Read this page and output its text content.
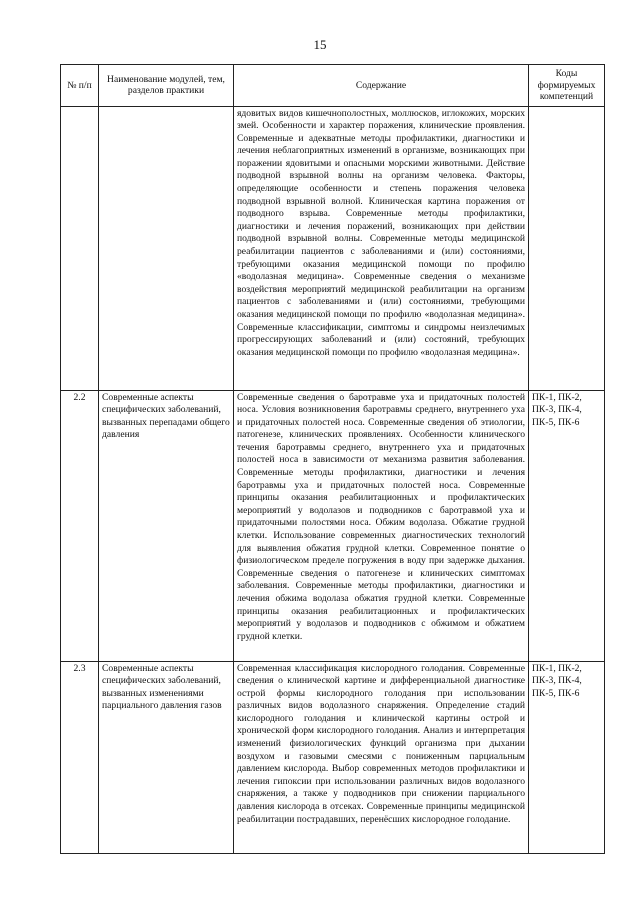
15
№ п/п	Наименование модулей, тем, разделов практики	Содержание	Коды формируемых компетенций
		ядовитых видов кишечнополостных, моллюсков, иглокожих, морских змей. Особенности и характер поражения, клинические проявления. Современные и адекватные методы профилактики, диагностики и лечения неблагоприятных изменений в организме, возникающих при поражении ядовитыми и опасными морскими животными. Действие подводной взрывной волны на организм человека. Факторы, определяющие особенности и степень поражения человека подводной взрывной волной. Клиническая картина поражения от подводного взрыва. Современные методы профилактики, диагностики и лечения поражений, возникающих при действии подводной взрывной волны. Современные методы медицинской реабилитации пациентов с заболеваниями и (или) состояниями, требующими оказания медицинской помощи по профилю «водолазная медицина». Современные сведения о механизме воздействия мероприятий медицинской реабилитации на организм пациентов с заболеваниями и (или) состояниями, требующими оказания медицинской помощи по профилю «водолазная медицина». Современные классификации, симптомы и синдромы неизлечимых прогрессирующих заболеваний и (или) состояний, требующих оказания медицинской помощи по профилю «водолазная медицина».	
2.2	Современные аспекты специфических заболеваний, вызванных перепадами общего давления	Современные сведения о баротравме уха и придаточных полостей носа. Условия возникновения баротравмы среднего, внутреннего уха и придаточных полостей носа. Современные сведения об этиологии, патогенезе, клинических проявлениях. Особенности клинического течения баротравмы среднего, внутреннего уха и придаточных полостей носа в зависимости от механизма развития заболевания. Современные методы профилактики, диагностики и лечения баротравмы уха и придаточных полостей носа. Современные принципы оказания реабилитационных и профилактических мероприятий у водолазов и подводников с баротравмой уха и придаточными полостями носа. Обжим водолаза. Обжатие грудной клетки. Использование современных диагностических технологий для выявления обжатия грудной клетки. Современное понятие о физиологическом пределе погружения в воду при задержке дыхания. Современные сведения о патогенезе и клинических симптомах заболевания. Современные методы профилактики, диагностики и лечения обжима водолаза обжатия грудной клетки. Современные принципы оказания реабилитационных и профилактических мероприятий у водолазов и подводников с обжимом и обжатием грудной клетки.	ПК-1, ПК-2, ПК-3, ПК-4, ПК-5, ПК-6
2.3	Современные аспекты специфических заболеваний, вызванных изменениями парциального давления газов	Современная классификация кислородного голодания. Современные сведения о клинической картине и дифференциальной диагностике острой формы кислородного голодания при использовании различных видов водолазного снаряжения. Определение стадий кислородного голодания и клинической картины острой и хронической форм кислородного голодания. Анализ и интерпретация изменений физиологических функций организма при дыхании воздухом и газовыми смесями с пониженным парциальным давлением кислорода. Выбор современных методов профилактики и лечения гипоксии при использовании различных видов водолазного снаряжения, а также у подводников при снижении парциального давления кислорода в отсеках. Современные принципы медицинской реабилитации пострадавших, перенёсших кислородное голодание.	ПК-1, ПК-2, ПК-3, ПК-4, ПК-5, ПК-6
